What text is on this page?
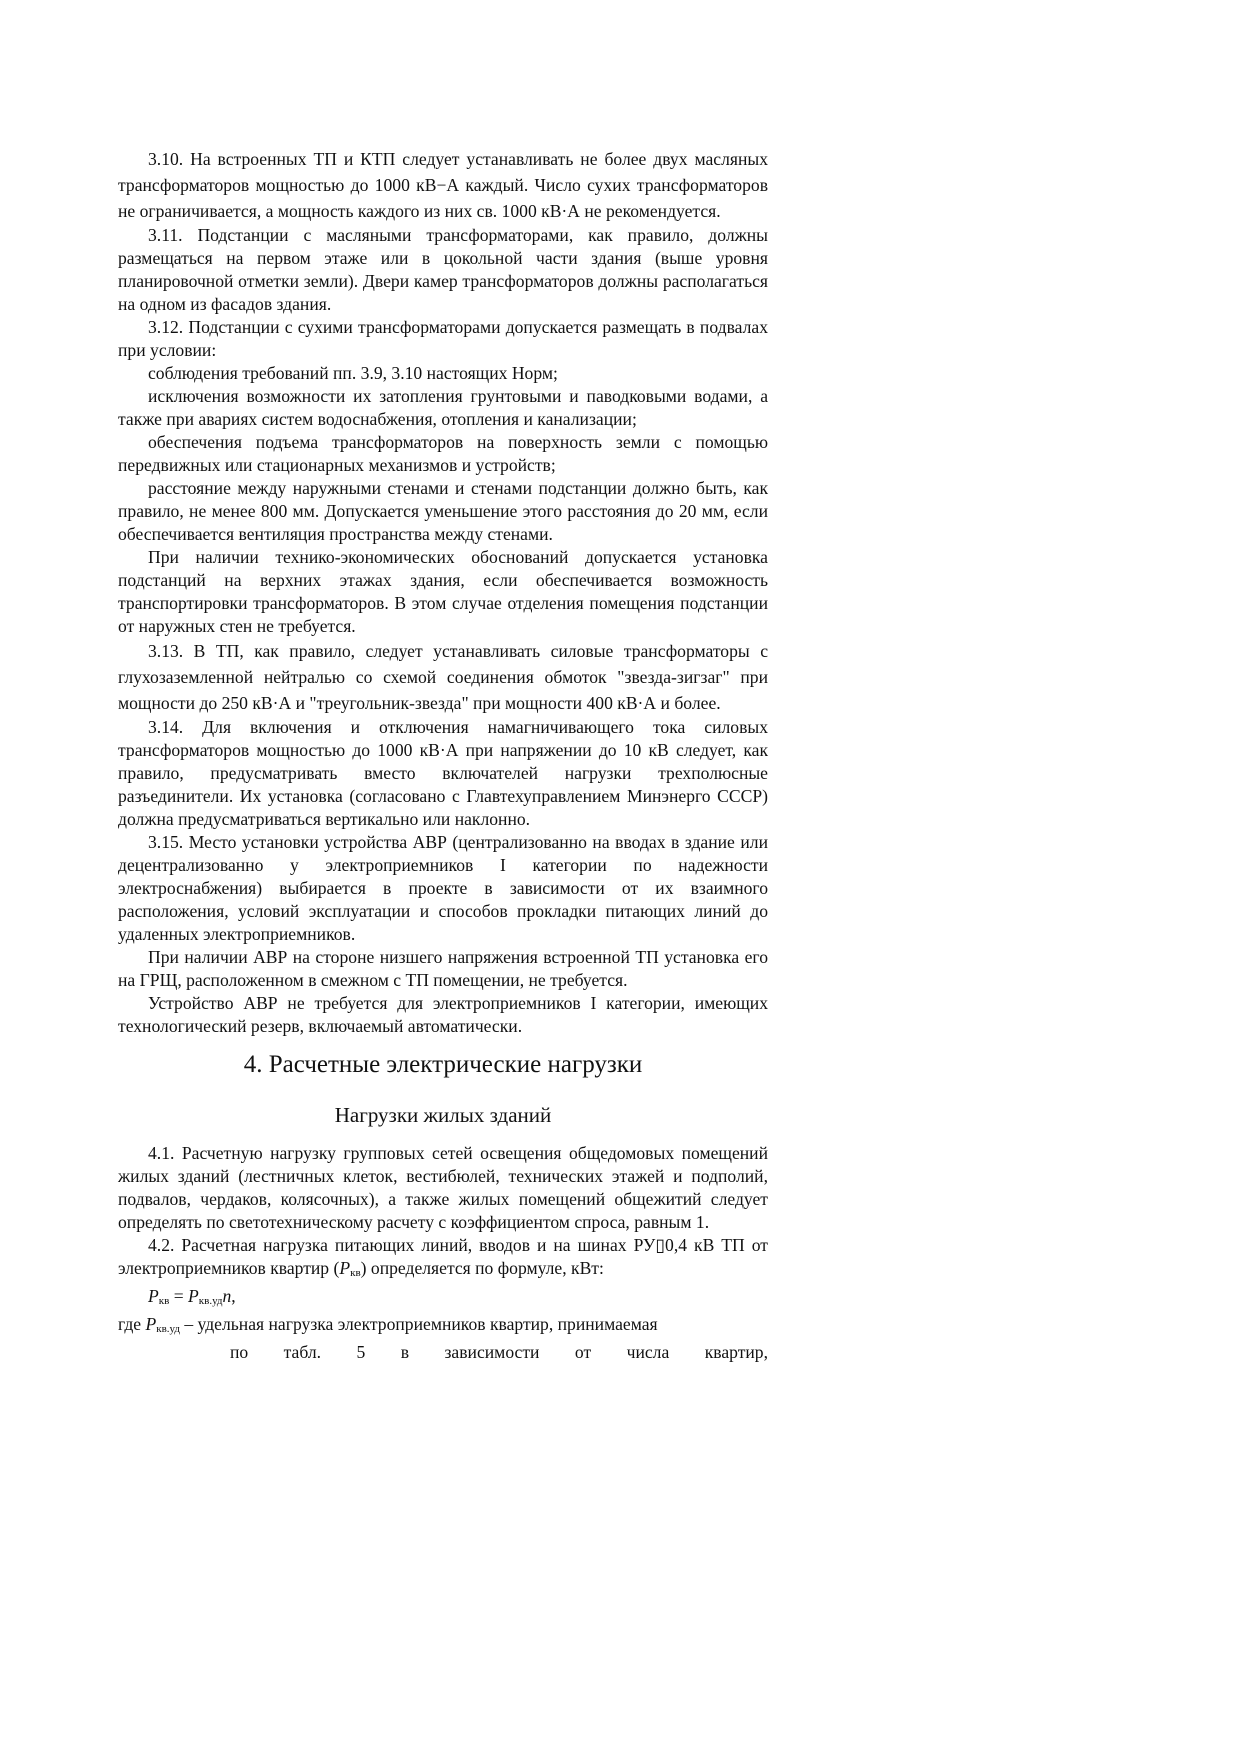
3.10. На встроенных ТП и КТП следует устанавливать не более двух масляных трансформаторов мощностью до 1000 кВ−А каждый. Число сухих трансформаторов не ограничивается, а мощность каждого из них св. 1000 кВ·А не рекомендуется.

3.11. Подстанции с масляными трансформаторами, как правило, должны размещаться на первом этаже или в цокольной части здания (выше уровня планировочной отметки земли). Двери камер трансформаторов должны располагаться на одном из фасадов здания.

3.12. Подстанции с сухими трансформаторами допускается размещать в подвалах при условии:

соблюдения требований пп. 3.9, 3.10 настоящих Норм;

исключения возможности их затопления грунтовыми и паводковыми водами, а также при авариях систем водоснабжения, отопления и канализации;

обеспечения подъема трансформаторов на поверхность земли с помощью передвижных или стационарных механизмов и устройств;

расстояние между наружными стенами и стенами подстанции должно быть, как правило, не менее 800 мм. Допускается уменьшение этого расстояния до 20 мм, если обеспечивается вентиляция пространства между стенами.

При наличии технико-экономических обоснований допускается установка подстанций на верхних этажах здания, если обеспечивается возможность транспортировки трансформаторов. В этом случае отделения помещения подстанции от наружных стен не требуется.

3.13. В ТП, как правило, следует устанавливать силовые трансформаторы с глухозаземленной нейтралью со схемой соединения обмоток "звезда-зигзаг" при мощности до 250 кВ·А и "треугольник-звезда" при мощности 400 кВ·А и более.

3.14. Для включения и отключения намагничивающего тока силовых трансформаторов мощностью до 1000 кВ·А при напряжении до 10 кВ следует, как правило, предусматривать вместо включателей нагрузки трехполюсные разъединители. Их установка (согласовано с Главтехуправлением Минэнерго СССР) должна предусматриваться вертикально или наклонно.

3.15. Место установки устройства АВР (централизованно на вводах в здание или децентрализованно у электроприемников I категории по надежности электроснабжения) выбирается в проекте в зависимости от их взаимного расположения, условий эксплуатации и способов прокладки питающих линий до удаленных электроприемников.

При наличии АВР на стороне низшего напряжения встроенной ТП установка его на ГРЩ, расположенном в смежном с ТП помещении, не требуется.

Устройство АВР не требуется для электроприемников I категории, имеющих технологический резерв, включаемый автоматически.

4. Расчетные электрические нагрузки
Нагрузки жилых зданий

4.1. Расчетную нагрузку групповых сетей освещения общедомовых помещений жилых зданий (лестничных клеток, вестибюлей, технических этажей и подполий, подвалов, чердаков, колясочных), а также жилых помещений общежитий следует определять по светотехническому расчету с коэффициентом спроса, равным 1.

4.2. Расчетная нагрузка питающих линий, вводов и на шинах РУ▯0,4 кВ ТП от электроприемников квартир $(P_{кв})$ определяется по формуле, кВт:

$P_{кв} = P_{кв.уд}n$,

где $P_{кв.уд}$ – удельная нагрузка электроприемников квартир, принимаемая
по табл. 5 в зависимости от числа квартир,
